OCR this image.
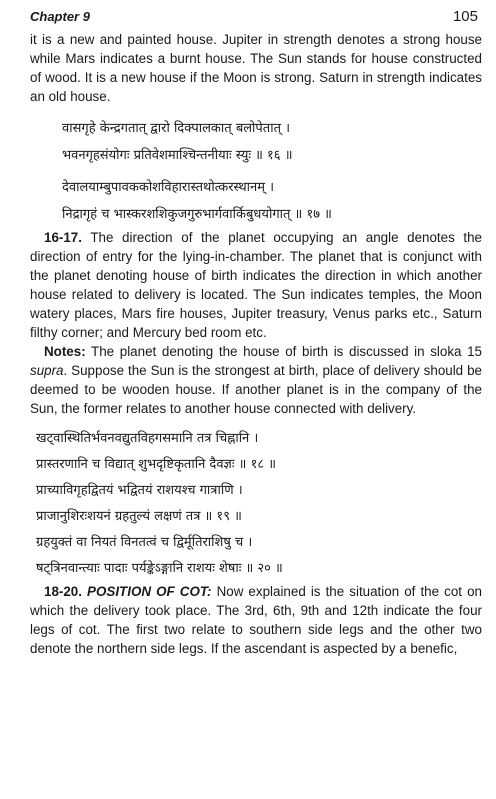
Chapter 9	105

it is a new and painted house. Jupiter in strength denotes a strong house while Mars indicates a burnt house. The Sun stands for house constructed of wood. It is a new house if the Moon is strong. Saturn in strength indicates an old house.

वासगृहे केन्द्रगतात् द्वारो दिक्पालकात् बलोपेतात् ।
भवनगृहसंयोगः प्रतिवेशमाश्चिन्तनीयाः स्युः ॥ १६ ॥
देवालयाम्बुपावककोशविहारास्तथोत्करस्थानम् ।
निद्रागृहं च भास्करशशिकुजगुरुभार्गवार्किबुधयोगात् ॥ १७ ॥

16-17. The direction of the planet occupying an angle denotes the direction of entry for the lying-in-chamber. The planet that is conjunct with the planet denoting house of birth indicates the direction in which another house related to delivery is located. The Sun indicates temples, the Moon watery places, Mars fire houses, Jupiter treasury, Venus parks etc., Saturn filthy corner; and Mercury bed room etc.

Notes: The planet denoting the house of birth is discussed in sloka 15 supra. Suppose the Sun is the strongest at birth, place of delivery should be deemed to be wooden house. If another planet is in the company of the Sun, the former relates to another house connected with delivery.

खट्वास्थितिर्भवनवद्युतविहगसमानि तत्र चिह्नानि ।
प्रास्तरणानि च विद्यात् शुभदृष्टिकृतानि दैवज्ञः ॥ १८ ॥
प्राच्याविगृहद्वितयं भद्वितयं राशयश्च गात्राणि ।
प्राजानुशिरःशयनं ग्रहतुल्यं लक्षणं तत्र ॥ १९ ॥
ग्रहयुक्तं वा नियतं विनतत्वं च द्विर्मूतिराशिषु च ।
षट्त्रिनवान्त्याः पादाः पर्यङ्केऽङ्गानि राशयः शेषाः ॥ २० ॥

18-20. POSITION OF COT: Now explained is the situation of the cot on which the delivery took place. The 3rd, 6th, 9th and 12th indicate the four legs of cot. The first two relate to southern side legs and the other two denote the northern side legs. If the ascendant is aspected by a benefic,
